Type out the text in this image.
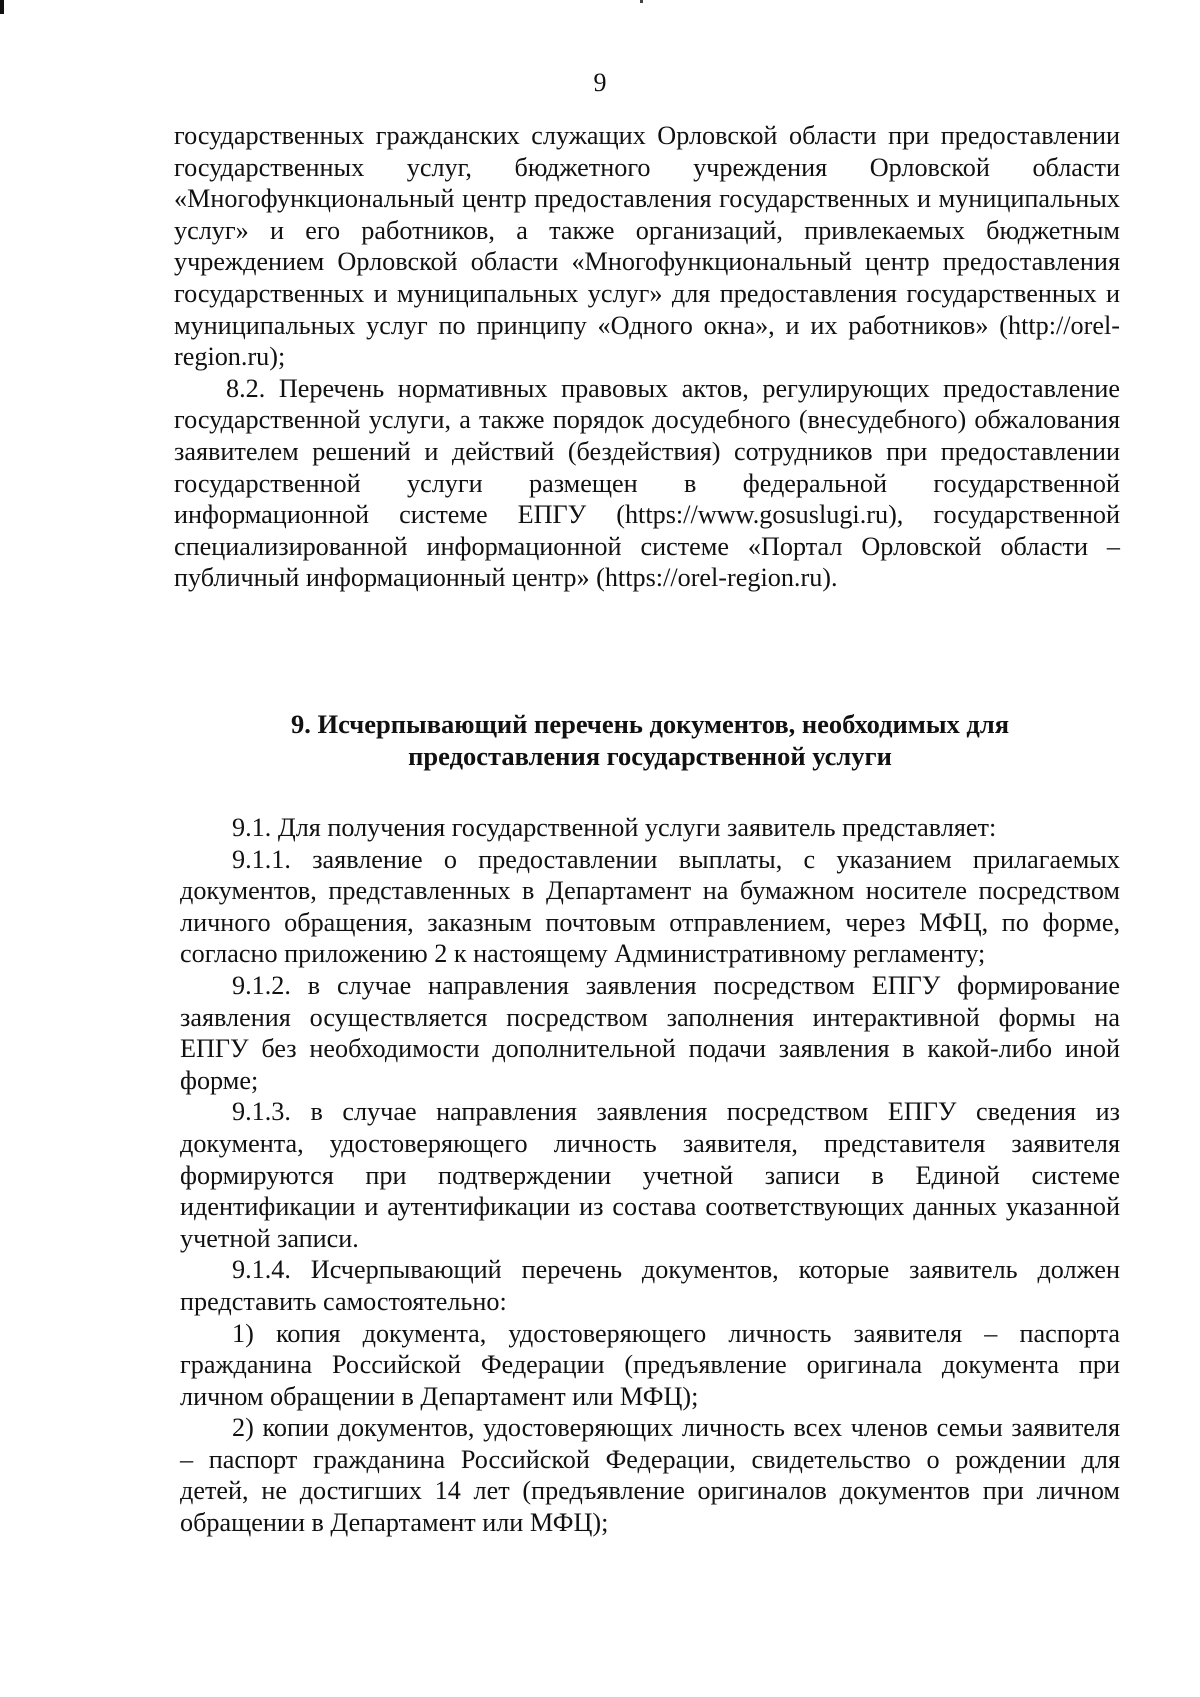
9

государственных гражданских служащих Орловской области при предоставлении государственных услуг, бюджетного учреждения Орловской области «Многофункциональный центр предоставления государственных и муниципальных услуг» и его работников, а также организаций, привлекаемых бюджетным учреждением Орловской области «Многофункциональный центр предоставления государственных и муниципальных услуг» для предоставления государственных и муниципальных услуг по принципу «Одного окна», и их работников» (http://orel-region.ru);

8.2. Перечень нормативных правовых актов, регулирующих предоставление государственной услуги, а также порядок досудебного (внесудебного) обжалования заявителем решений и действий (бездействия) сотрудников при предоставлении государственной услуги размещен в федеральной государственной информационной системе ЕПГУ (https://www.gosuslugi.ru), государственной специализированной информационной системе «Портал Орловской области – публичный информационный центр» (https://orel-region.ru).

9. Исчерпывающий перечень документов, необходимых для
предоставления государственной услуги

9.1. Для получения государственной услуги заявитель представляет:

9.1.1. заявление о предоставлении выплаты, с указанием прилагаемых документов, представленных в Департамент на бумажном носителе посредством личного обращения, заказным почтовым отправлением, через МФЦ, по форме, согласно приложению 2 к настоящему Административному регламенту;

9.1.2. в случае направления заявления посредством ЕПГУ формирование заявления осуществляется посредством заполнения интерактивной формы на ЕПГУ без необходимости дополнительной подачи заявления в какой-либо иной форме;

9.1.3. в случае направления заявления посредством ЕПГУ сведения из документа, удостоверяющего личность заявителя, представителя заявителя формируются при подтверждении учетной записи в Единой системе идентификации и аутентификации из состава соответствующих данных указанной учетной записи.

9.1.4. Исчерпывающий перечень документов, которые заявитель должен представить самостоятельно:

1) копия документа, удостоверяющего личность заявителя – паспорта гражданина Российской Федерации (предъявление оригинала документа при личном обращении в Департамент или МФЦ);

2) копии документов, удостоверяющих личность всех членов семьи заявителя – паспорт гражданина Российской Федерации, свидетельство о рождении для детей, не достигших 14 лет (предъявление оригиналов документов при личном обращении в Департамент или МФЦ);
